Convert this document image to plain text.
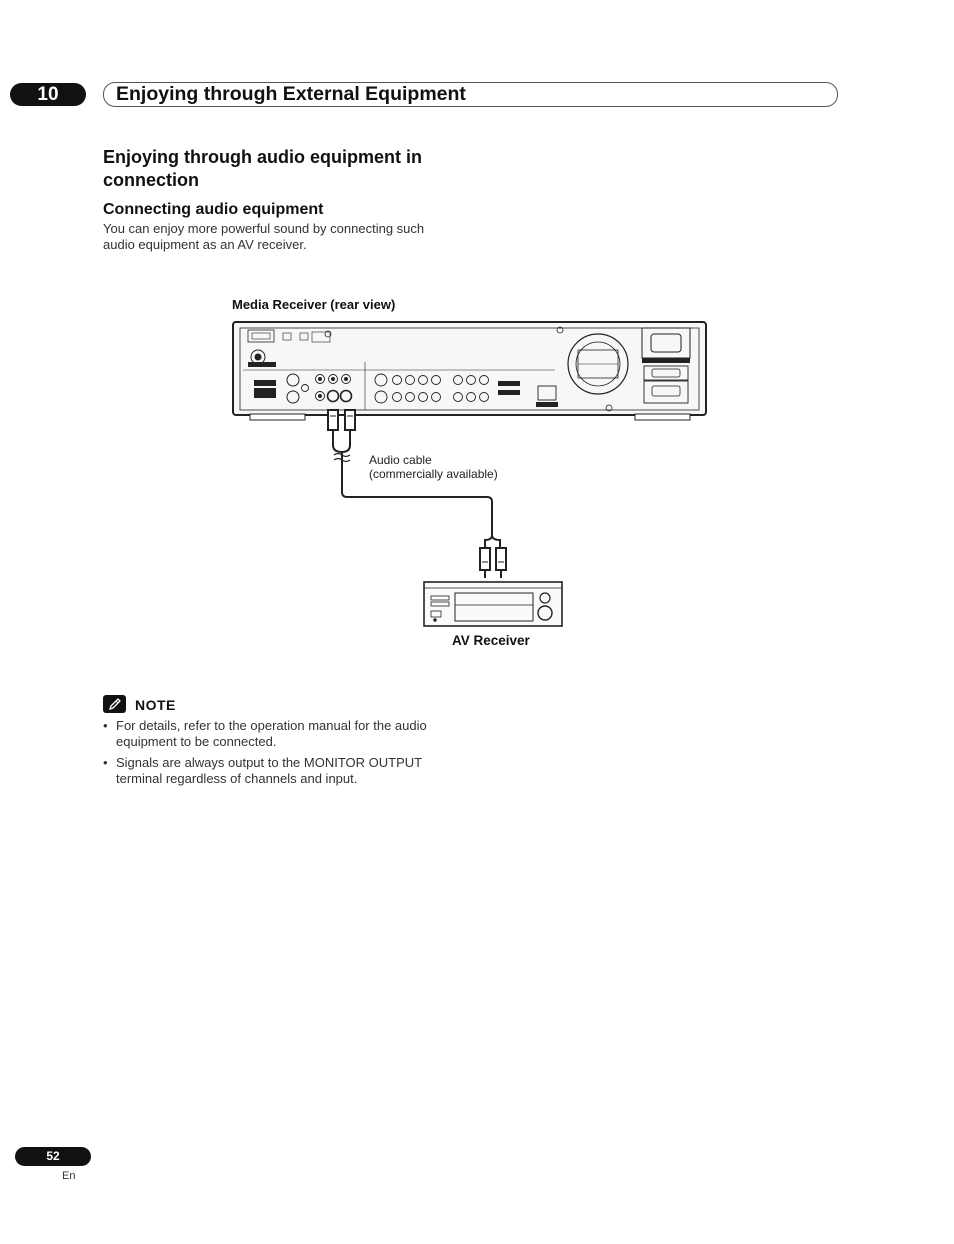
10	Enjoying through External Equipment
Enjoying through audio equipment in connection
Connecting audio equipment
You can enjoy more powerful sound by connecting such audio equipment as an AV receiver.
Media Receiver (rear view)
Audio cable
(commercially available)
AV Receiver
NOTE
• For details, refer to the operation manual for the audio equipment to be connected.
• Signals are always output to the MONITOR OUTPUT terminal regardless of channels and input.
52
En
